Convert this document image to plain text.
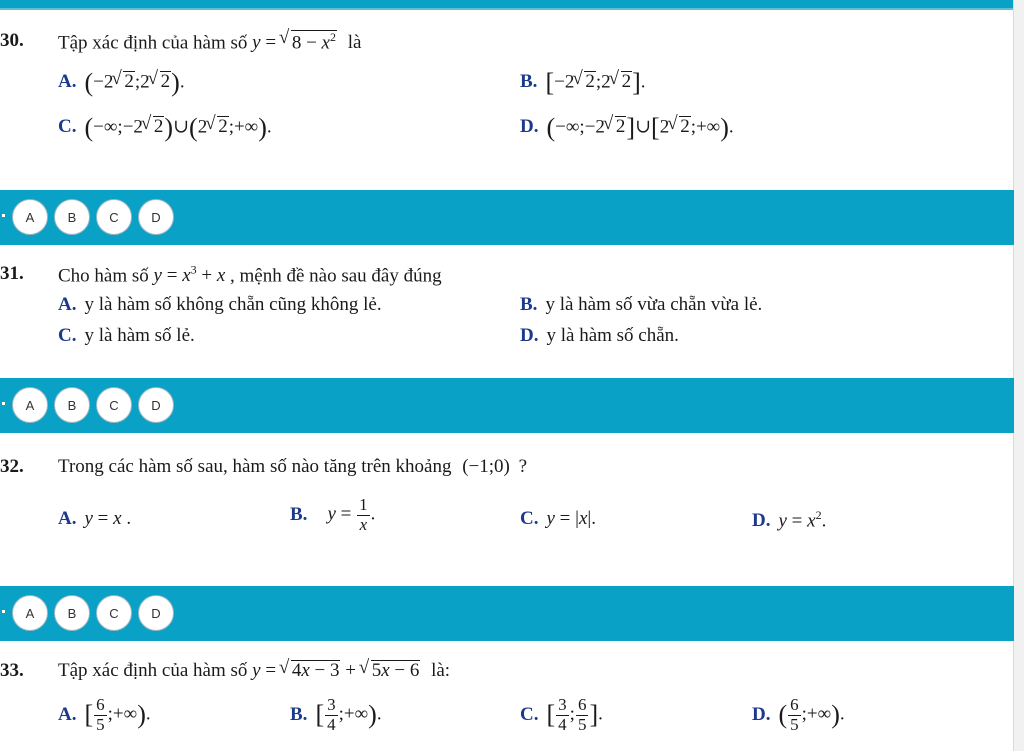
30. Tập xác định của hàm số y = √ $8 - x^2$ là
A. (−2 √ 2;2 √ 2).	B. [−2 √ 2;2 √ 2].
C. (−∞;−2 √ 2)∪(2 √ 2;+∞).	D. (−∞;−2 √ 2]∪[2 √ 2;+∞).
A	B	C	D
31. Cho hàm số $y = x^3 + x$ , mệnh đề nào sau đây đúng
A. y là hàm số không chẵn cũng không lẻ.	B. y là hàm số vừa chẵn vừa lẻ.
C. y là hàm số lẻ.	D. y là hàm số chẵn.
A	B	C	D
32. Trong các hàm số sau, hàm số nào tăng trên khoảng (−1;0) ?
A. y = x .	B. $y = \frac{1}{x}$ .	C. y = |x|.	D. $y = x^2$.
A	B	C	D
33. Tập xác định của hàm số y = √ 4x − 3 + √ 5x − 6 là:
A. [ $\frac{6}{5}$ ;+∞).	B. [ $\frac{3}{4}$ ;+∞).	C. [ $\frac{3}{4}$ ; $\frac{6}{5}$ ].	D. ( $\frac{6}{5}$ ;+∞).
